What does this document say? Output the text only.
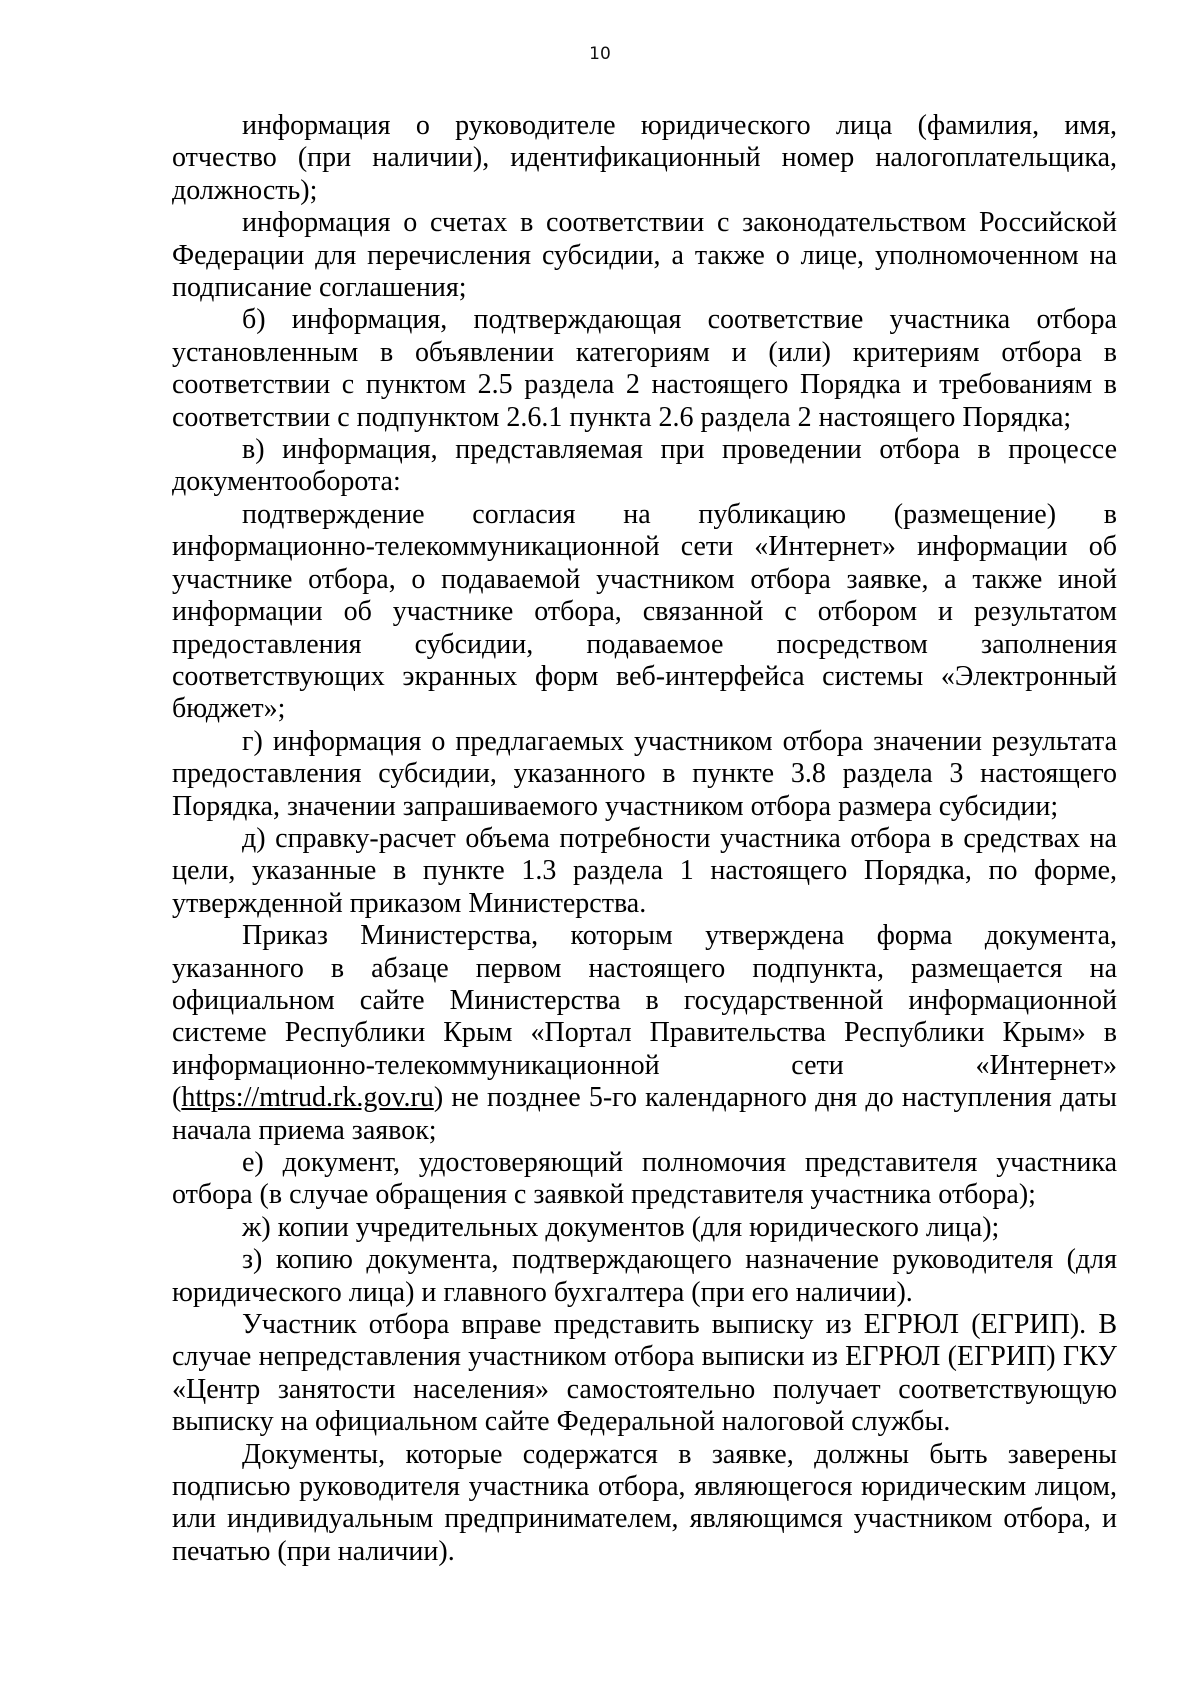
10

информация о руководителе юридического лица (фамилия, имя, отчество (при наличии), идентификационный номер налогоплательщика, должность);

информация о счетах в соответствии с законодательством Российской Федерации для перечисления субсидии, а также о лице, уполномоченном на подписание соглашения;

б) информация, подтверждающая соответствие участника отбора установленным в объявлении категориям и (или) критериям отбора в соответствии с пунктом 2.5 раздела 2 настоящего Порядка и требованиям в соответствии с подпунктом 2.6.1 пункта 2.6 раздела 2 настоящего Порядка;

в) информация, представляемая при проведении отбора в процессе документооборота:

подтверждение согласия на публикацию (размещение) в информационно-телекоммуникационной сети «Интернет» информации об участнике отбора, о подаваемой участником отбора заявке, а также иной информации об участнике отбора, связанной с отбором и результатом предоставления субсидии, подаваемое посредством заполнения соответствующих экранных форм веб-интерфейса системы «Электронный бюджет»;

г) информация о предлагаемых участником отбора значении результата предоставления субсидии, указанного в пункте 3.8 раздела 3 настоящего Порядка, значении запрашиваемого участником отбора размера субсидии;

д) справку-расчет объема потребности участника отбора в средствах на цели, указанные в пункте 1.3 раздела 1 настоящего Порядка, по форме, утвержденной приказом Министерства.

Приказ Министерства, которым утверждена форма документа, указанного в абзаце первом настоящего подпункта, размещается на официальном сайте Министерства в государственной информационной системе Республики Крым «Портал Правительства Республики Крым» в информационно-телекоммуникационной сети «Интернет» (https://mtrud.rk.gov.ru) не позднее 5-го календарного дня до наступления даты начала приема заявок;

е) документ, удостоверяющий полномочия представителя участника отбора (в случае обращения с заявкой представителя участника отбора);

ж) копии учредительных документов (для юридического лица);

з) копию документа, подтверждающего назначение руководителя (для юридического лица) и главного бухгалтера (при его наличии).

Участник отбора вправе представить выписку из ЕГРЮЛ (ЕГРИП). В случае непредставления участником отбора выписки из ЕГРЮЛ (ЕГРИП) ГКУ «Центр занятости населения» самостоятельно получает соответствующую выписку на официальном сайте Федеральной налоговой службы.

Документы, которые содержатся в заявке, должны быть заверены подписью руководителя участника отбора, являющегося юридическим лицом, или индивидуальным предпринимателем, являющимся участником отбора, и печатью (при наличии).
